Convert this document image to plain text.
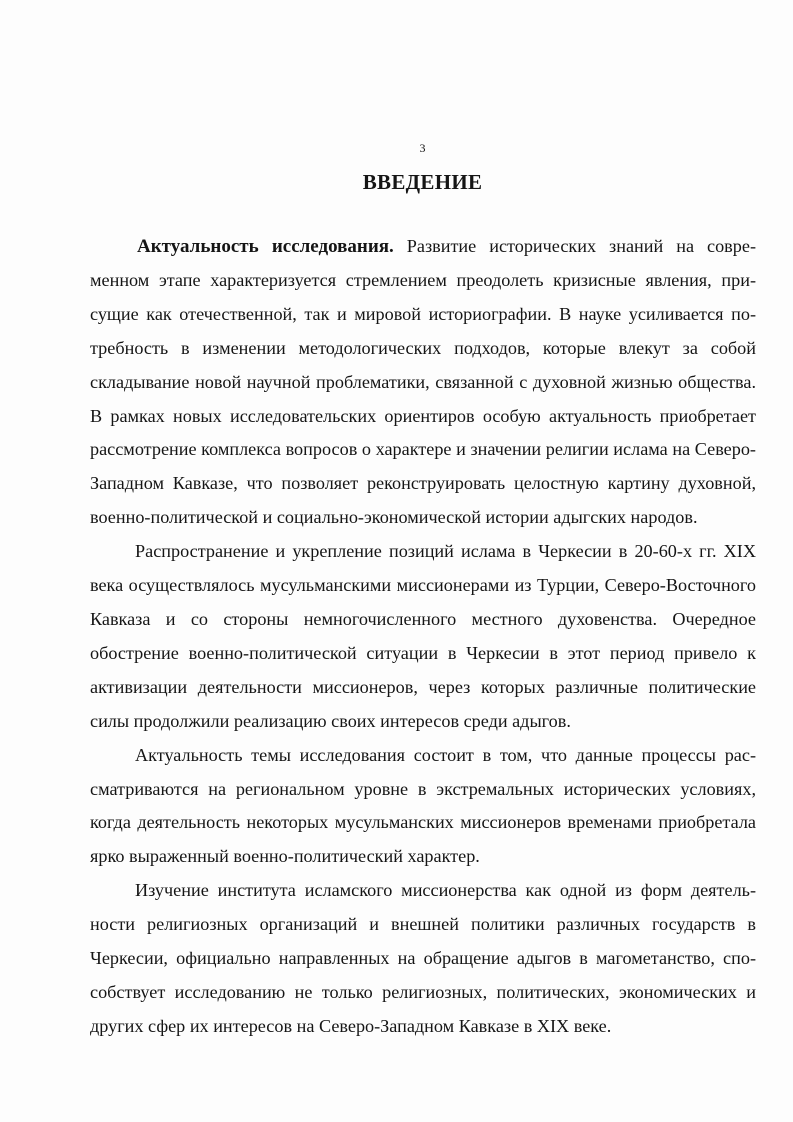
3
ВВЕДЕНИЕ

Актуальность исследования. Развитие исторических знаний на современном этапе характеризуется стремлением преодолеть кризисные явления, присущие как отечественной, так и мировой историографии. В науке усиливается потребность в изменении методологических подходов, которые влекут за собой складывание новой научной проблематики, связанной с духовной жизнью общества. В рамках новых исследовательских ориентиров особую актуальность приобретает рассмотрение комплекса вопросов о характере и значении религии ислама на Северо-Западном Кавказе, что позволяет реконструировать целостную картину духовной, военно-политической и социально-экономической истории адыгских народов.

Распространение и укрепление позиций ислама в Черкесии в 20-60-х гг. XIX века осуществлялось мусульманскими миссионерами из Турции, Северо-Восточного Кавказа и со стороны немногочисленного местного духовенства. Очередное обострение военно-политической ситуации в Черкесии в этот период привело к активизации деятельности миссионеров, через которых различные политические силы продолжили реализацию своих интересов среди адыгов.

Актуальность темы исследования состоит в том, что данные процессы рассматриваются на региональном уровне в экстремальных исторических условиях, когда деятельность некоторых мусульманских миссионеров временами приобретала ярко выраженный военно-политический характер.

Изучение института исламского миссионерства как одной из форм деятельности религиозных организаций и внешней политики различных государств в Черкесии, официально направленных на обращение адыгов в магометанство, способствует исследованию не только религиозных, политических, экономических и других сфер их интересов на Северо-Западном Кавказе в XIX веке.
